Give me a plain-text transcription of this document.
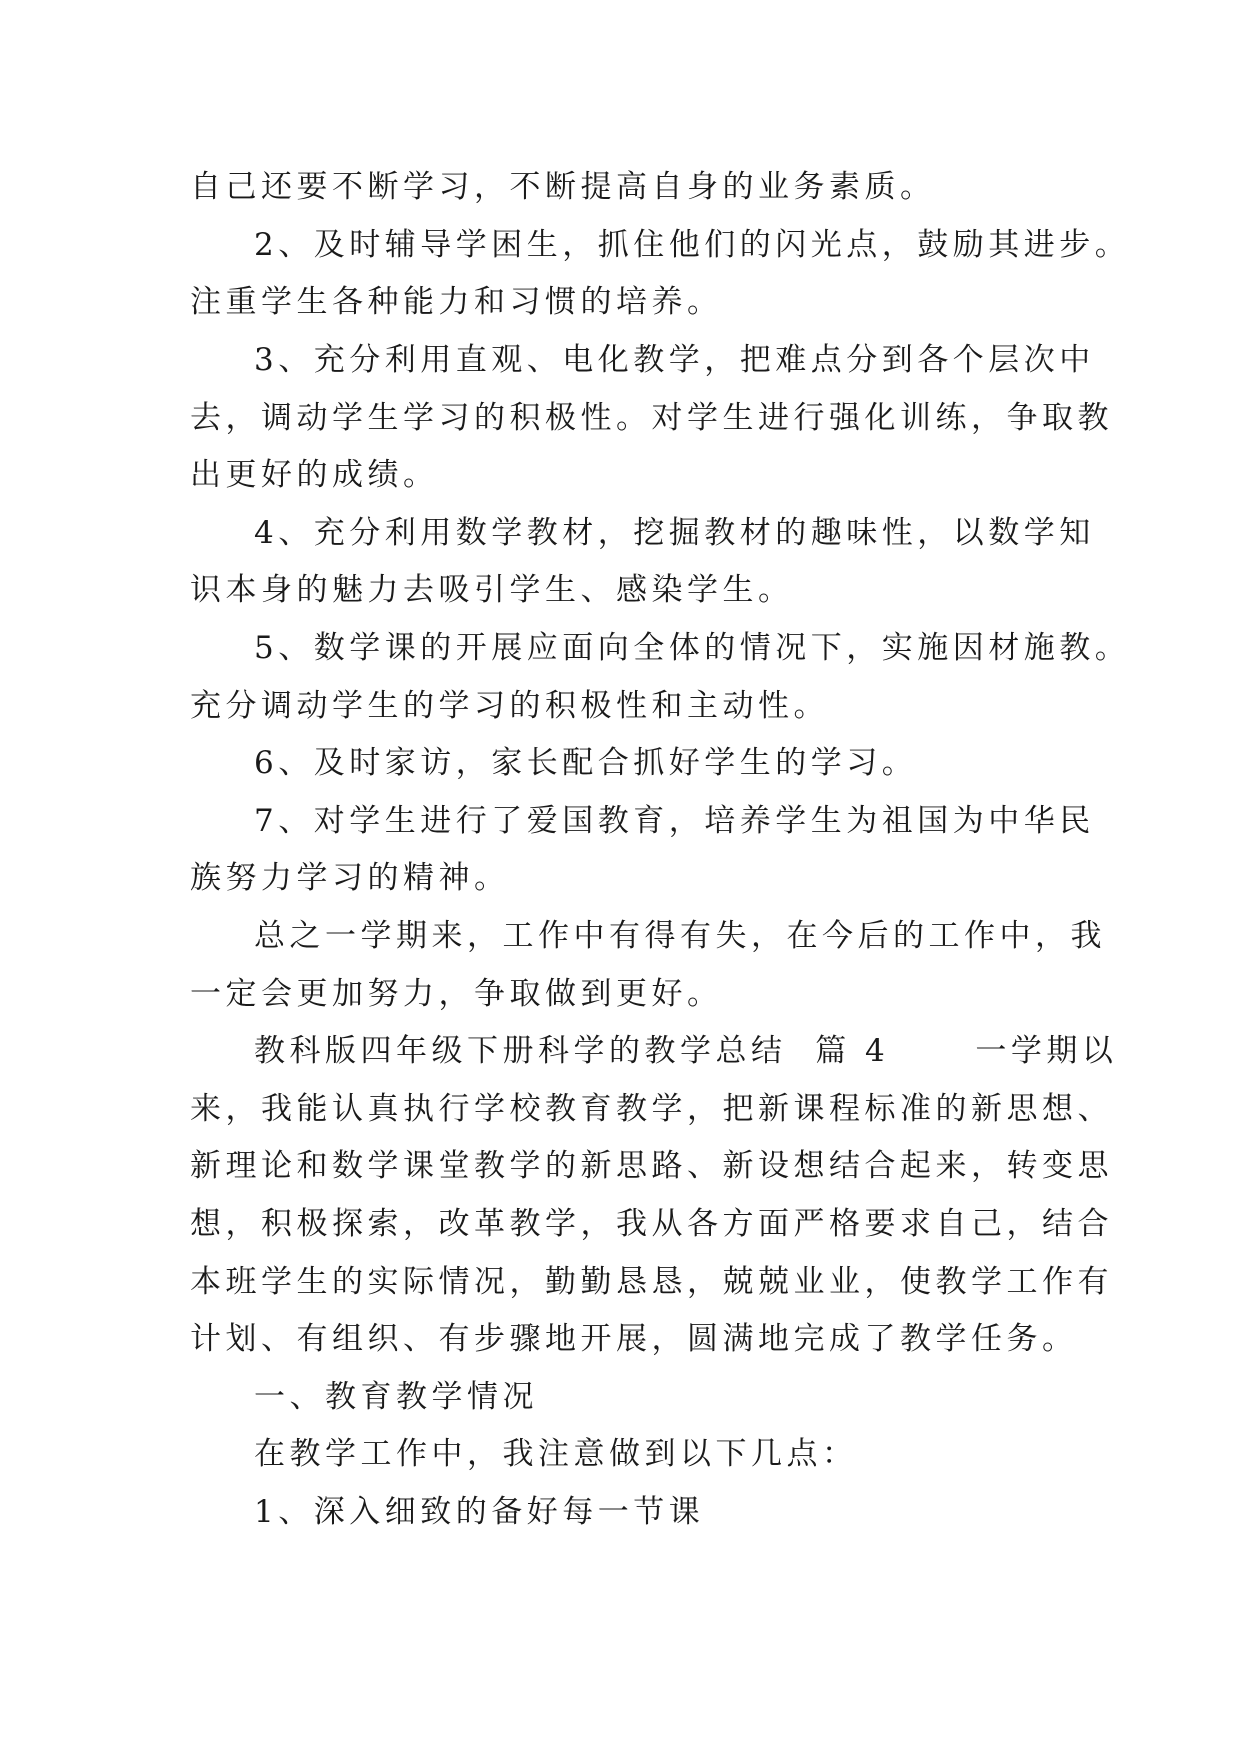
自己还要不断学习，不断提高自身的业务素质。
2、及时辅导学困生，抓住他们的闪光点，鼓励其进步。
注重学生各种能力和习惯的培养。
3、充分利用直观、电化教学，把难点分到各个层次中
去，调动学生学习的积极性。对学生进行强化训练，争取教
出更好的成绩。
4、充分利用数学教材，挖掘教材的趣味性，以数学知
识本身的魅力去吸引学生、感染学生。
5、数学课的开展应面向全体的情况下，实施因材施教。
充分调动学生的学习的积极性和主动性。
6、及时家访，家长配合抓好学生的学习。
7、对学生进行了爱国教育，培养学生为祖国为中华民
族努力学习的精神。
总之一学期来，工作中有得有失，在今后的工作中，我
一定会更加努力，争取做到更好。
教科版四年级下册科学的教学总结  篇 4      一学期以
来，我能认真执行学校教育教学，把新课程标准的新思想、
新理论和数学课堂教学的新思路、新设想结合起来，转变思
想，积极探索，改革教学，我从各方面严格要求自己，结合
本班学生的实际情况，勤勤恳恳，兢兢业业，使教学工作有
计划、有组织、有步骤地开展，圆满地完成了教学任务。
一、教育教学情况
在教学工作中，我注意做到以下几点：
1、深入细致的备好每一节课
